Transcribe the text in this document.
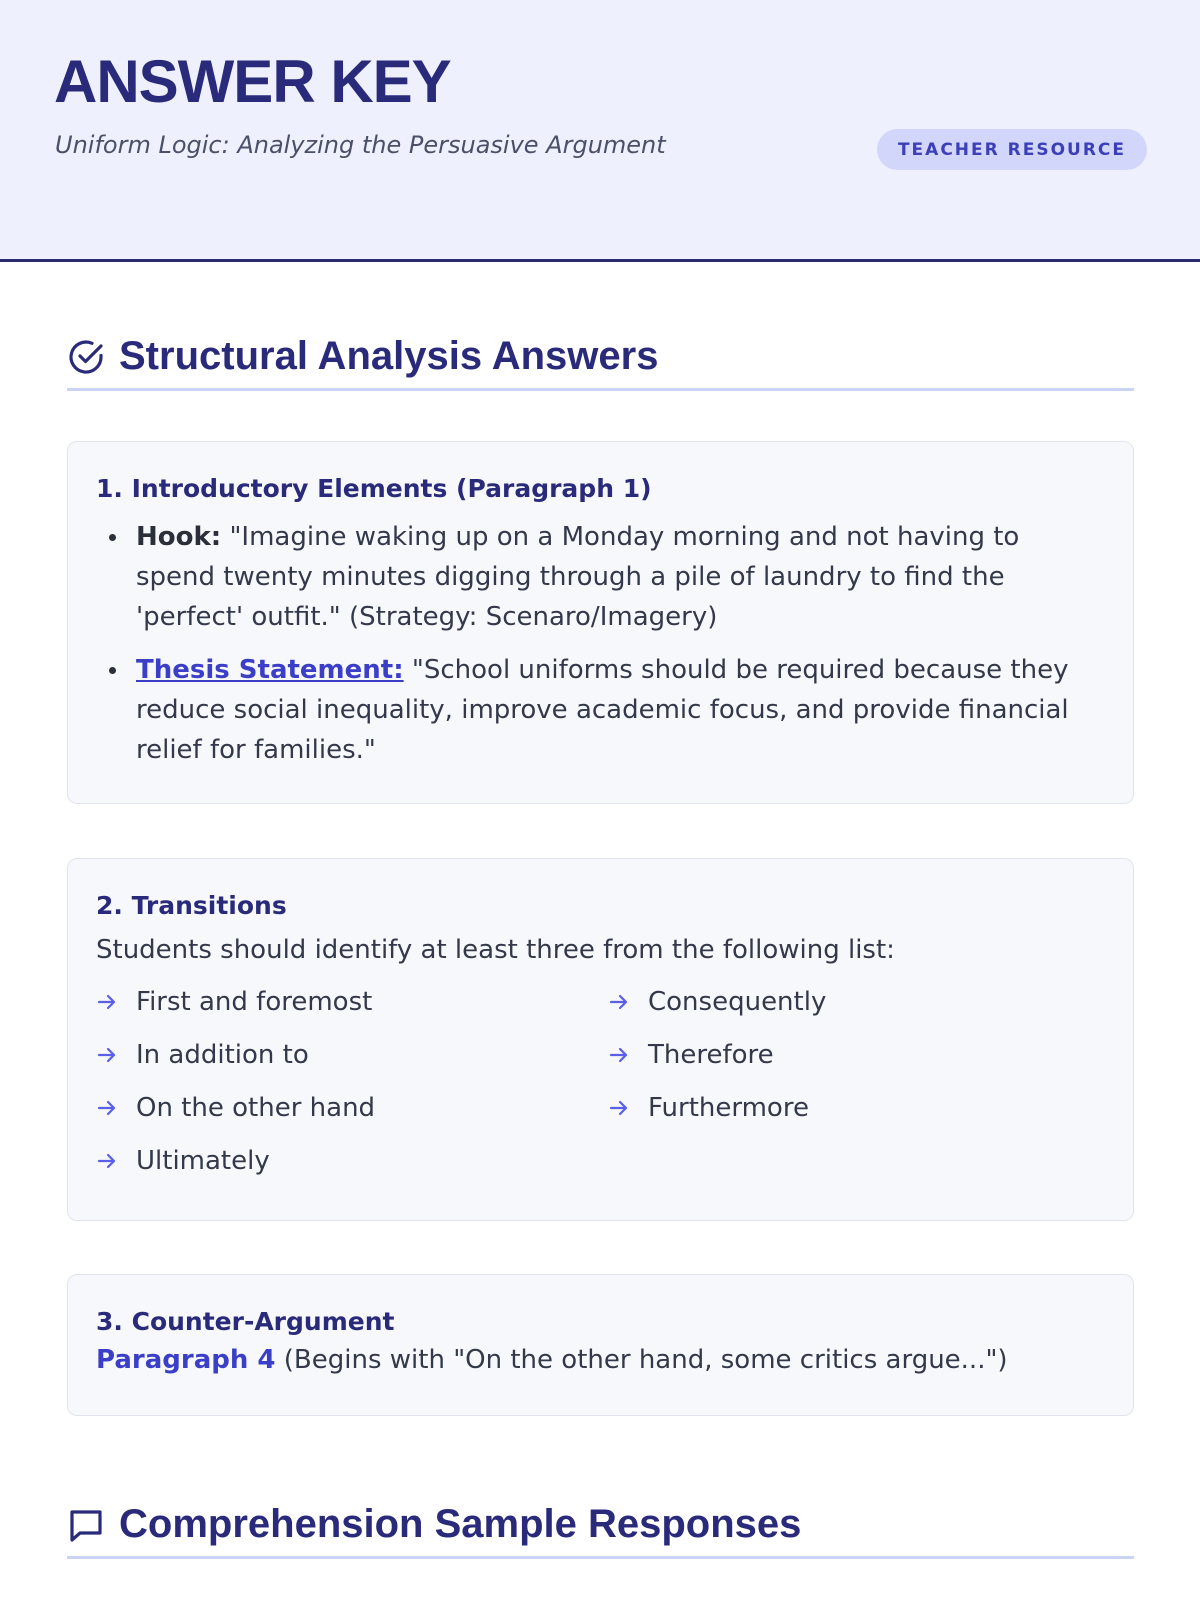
ANSWER KEY
Uniform Logic: Analyzing the Persuasive Argument	TEACHER RESOURCE
Structural Analysis Answers
1. Introductory Elements (Paragraph 1)
Hook: "Imagine waking up on a Monday morning and not having to spend twenty minutes digging through a pile of laundry to find the 'perfect' outfit." (Strategy: Scenaro/Imagery)
Thesis Statement: "School uniforms should be required because they reduce social inequality, improve academic focus, and provide financial relief for families."
2. Transitions
Students should identify at least three from the following list:
First and foremost	Consequently
In addition to	Therefore
On the other hand	Furthermore
Ultimately
3. Counter-Argument
Paragraph 4 (Begins with "On the other hand, some critics argue...")
Comprehension Sample Responses
